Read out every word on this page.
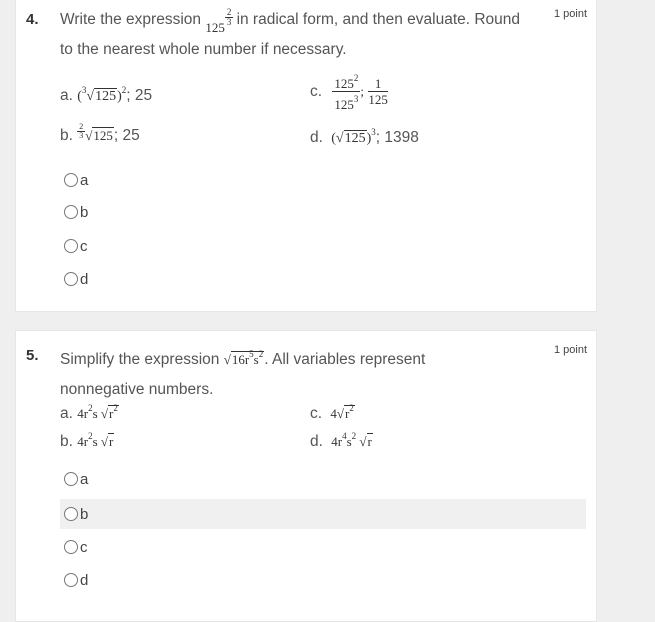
4.	1 point
Write the expression $_{125 \frac{2}{3}}$ in radical form, and then evaluate. Round
to the nearest whole number if necessary.
a. $(^3√125)^2$; 25	c. $\frac{125^2}{125^3}$ ; $\frac{1}{125}$
b. $\frac{2}{3} √125$; 25	d. $(√125)^3$; 1398
a
b
c
d
5.	1 point
Simplify the expression $√16r^5s^2$. All variables represent
nonnegative numbers.
a. $4r^2s$ $√r^2$	c. $4√r^2$
b. $4r^2s$ √r	d. $4r^4s^2$ √r
a
b
c
d
